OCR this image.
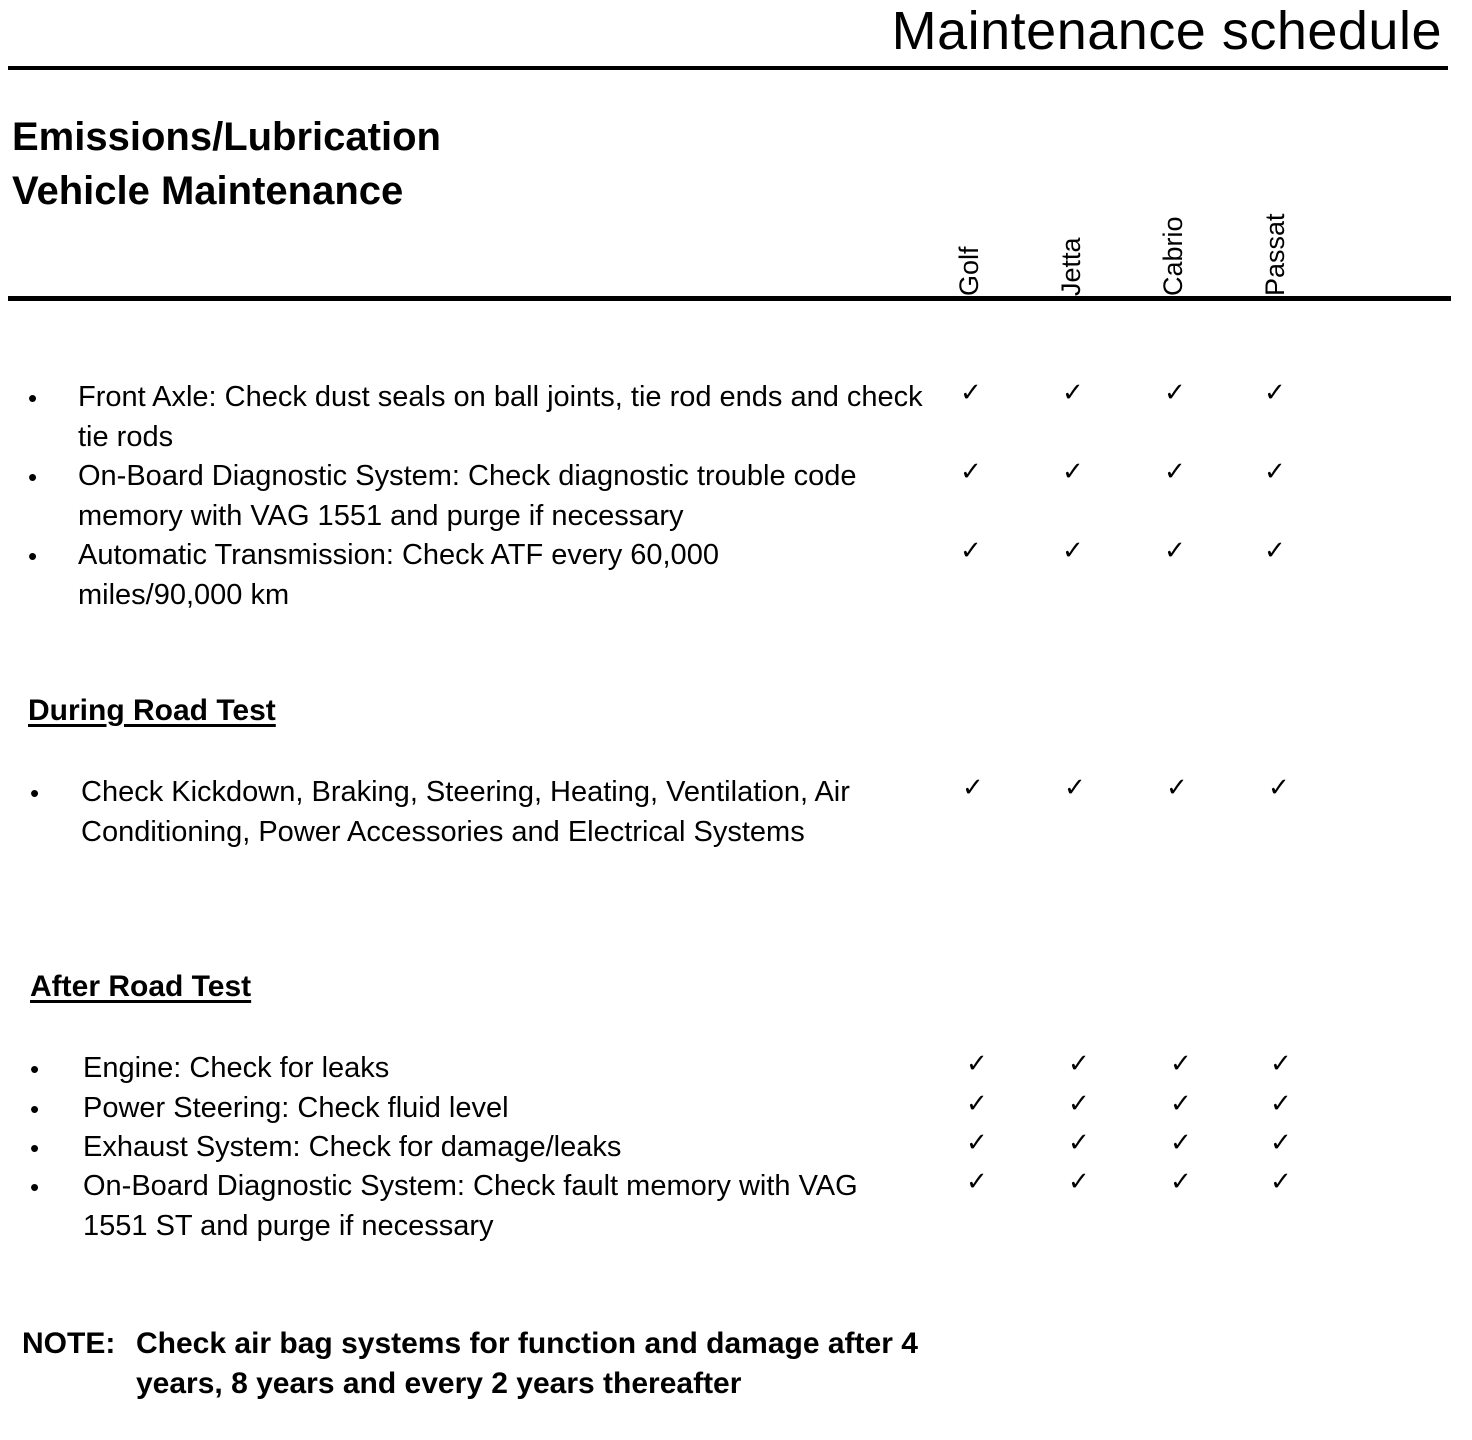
Maintenance schedule
Emissions/Lubrication
Vehicle Maintenance
Golf	Jetta	Cabrio	Passat
• Front Axle: Check dust seals on ball joints, tie rod ends and check tie rods
✓	✓	✓	✓
• On-Board Diagnostic System: Check diagnostic trouble code memory with VAG 1551 and purge if necessary
✓	✓	✓	✓
• Automatic Transmission: Check ATF every 60,000 miles/90,000 km
✓	✓	✓	✓
During Road Test
• Check Kickdown, Braking, Steering, Heating, Ventilation, Air Conditioning, Power Accessories and Electrical Systems
✓	✓	✓	✓
After Road Test
• Engine: Check for leaks	✓	✓	✓	✓
• Power Steering: Check fluid level	✓	✓	✓	✓
• Exhaust System: Check for damage/leaks	✓	✓	✓	✓
• On-Board Diagnostic System: Check fault memory with VAG 1551 ST and purge if necessary
✓	✓	✓	✓
NOTE: Check air bag systems for function and damage after 4 years, 8 years and every 2 years thereafter
